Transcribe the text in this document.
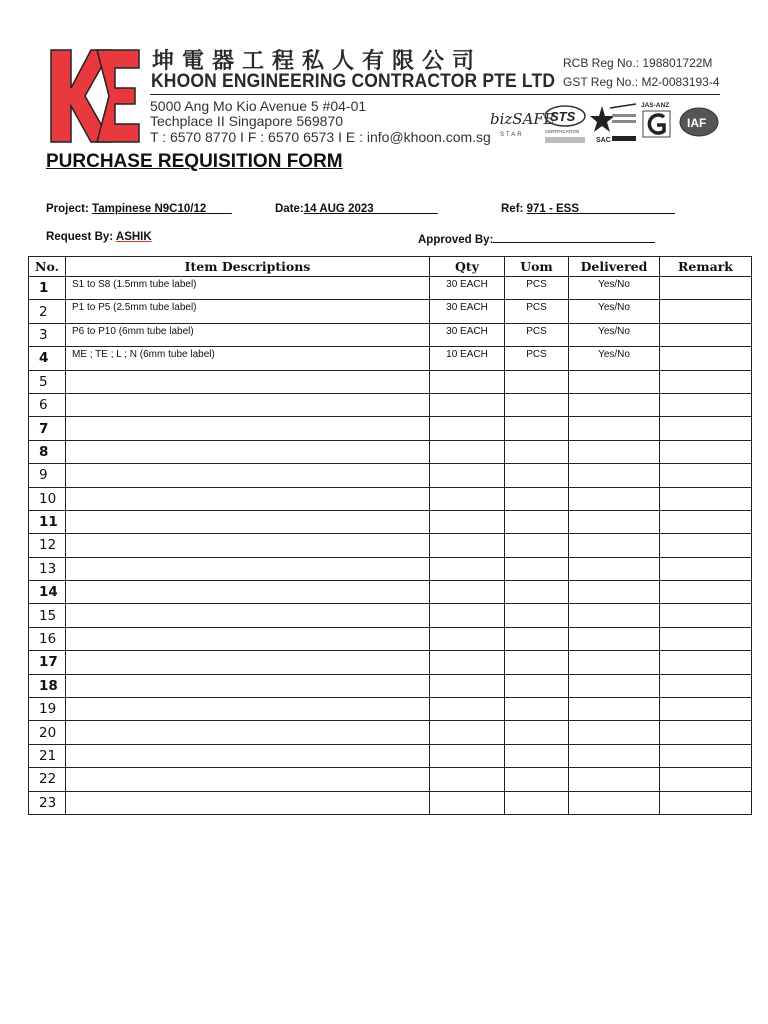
坤電器工程私人有限公司
KHOON ENGINEERING CONTRACTOR PTE LTD
5000 Ang Mo Kio Avenue 5 #04-01
Techplace II Singapore 569870
T : 6570 8770 I F : 6570 6573 I E : info@khoon.com.sg
RCB Reg No.: 198801722M
GST Reg No.: M2-0083193-4
bizSAFE
STAR
STS
CERTIFICATION
SAC
JAS-ANZ
IAF
PURCHASE REQUISITION FORM
Project: Tampinese N9C10/12____	Date:14 AUG 2023__________	Ref: 971 - ESS_______________
Request By: ASHIK	Approved By:
No.	Item Descriptions	Qty	Uom	Delivered	Remark
1	S1 to S8 (1.5mm tube label)	30 EACH	PCS	Yes/No	
2	P1 to P5 (2.5mm tube label)	30 EACH	PCS	Yes/No	
3	P6 to P10 (6mm tube label)	30 EACH	PCS	Yes/No	
4	ME ; TE ; L ; N (6mm tube label)	10 EACH	PCS	Yes/No	
5					
6					
7					
8					
9					
10					
11					
12					
13					
14					
15					
16					
17					
18					
19					
20					
21					
22					
23					
